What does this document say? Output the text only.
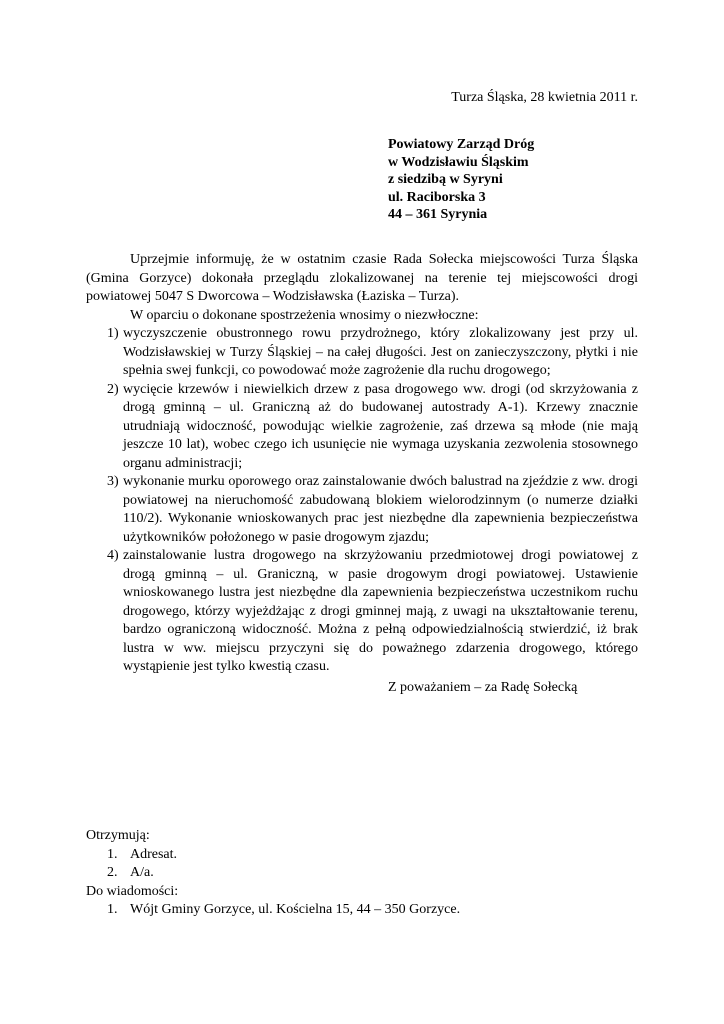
Turza Śląska, 28 kwietnia 2011 r.
Powiatowy Zarząd Dróg
w Wodzisławiu Śląskim
z siedzibą w Syryni
ul. Raciborska 3
44 – 361 Syrynia

Uprzejmie informuję, że w ostatnim czasie Rada Sołecka miejscowości Turza Śląska (Gmina Gorzyce) dokonała przeglądu zlokalizowanej na terenie tej miejscowości drogi powiatowej 5047 S Dworcowa – Wodzisławska (Łaziska – Turza).

W oparciu o dokonane spostrzeżenia wnosimy o niezwłoczne:

1) wyczyszczenie obustronnego rowu przydrożnego, który zlokalizowany jest przy ul. Wodzisławskiej w Turzy Śląskiej – na całej długości. Jest on zanieczyszczony, płytki i nie spełnia swej funkcji, co powodować może zagrożenie dla ruchu drogowego;
2) wycięcie krzewów i niewielkich drzew z pasa drogowego ww. drogi (od skrzyżowania z drogą gminną – ul. Graniczną aż do budowanej autostrady A-1). Krzewy znacznie utrudniają widoczność, powodując wielkie zagrożenie, zaś drzewa są młode (nie mają jeszcze 10 lat), wobec czego ich usunięcie nie wymaga uzyskania zezwolenia stosownego organu administracji;
3) wykonanie murku oporowego oraz zainstalowanie dwóch balustrad na zjeździe z ww. drogi powiatowej na nieruchomość zabudowaną blokiem wielorodzinnym (o numerze działki 110/2). Wykonanie wnioskowanych prac jest niezbędne dla zapewnienia bezpieczeństwa użytkowników położonego w pasie drogowym zjazdu;
4) zainstalowanie lustra drogowego na skrzyżowaniu przedmiotowej drogi powiatowej z drogą gminną – ul. Graniczną, w pasie drogowym drogi powiatowej. Ustawienie wnioskowanego lustra jest niezbędne dla zapewnienia bezpieczeństwa uczestnikom ruchu drogowego, którzy wyjeżdżając z drogi gminnej mają, z uwagi na ukształtowanie terenu, bardzo ograniczoną widoczność. Można z pełną odpowiedzialnością stwierdzić, iż brak lustra w ww. miejscu przyczyni się do poważnego zdarzenia drogowego, którego wystąpienie jest tylko kwestią czasu.
Z poważaniem – za Radę Sołecką
Otrzymują:
1. Adresat.
2. A/a.
Do wiadomości:
1. Wójt Gminy Gorzyce, ul. Kościelna 15, 44 – 350 Gorzyce.
